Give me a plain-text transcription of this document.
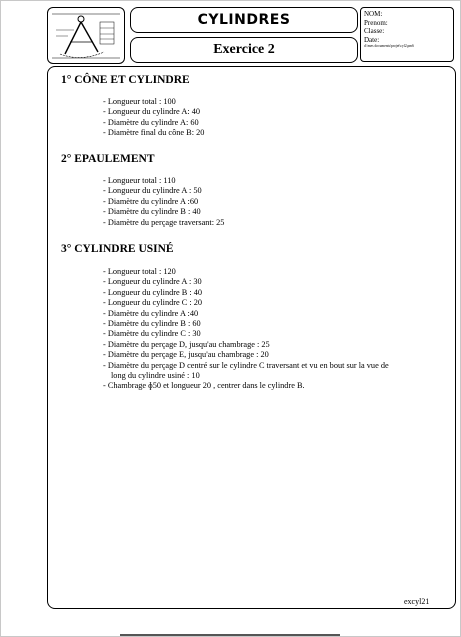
CYLINDRES
Exercice 2
NOM:
Prenom:
Classe:
Date:
d:\mes documents\projet\cyl2.pm6
1° CÔNE ET CYLINDRE
- Longueur total : 100
- Longueur du cylindre A: 40
- Diamètre du cylindre A: 60
- Diamètre final du cône B: 20
2° EPAULEMENT
- Longueur total : 110
- Longueur du cylindre A : 50
- Diamètre du cylindre A :60
- Diamètre du cylindre B : 40
- Diamètre du perçage traversant: 25
3° CYLINDRE USINÉ
- Longueur total : 120
- Longueur du cylindre A : 30
- Longueur du cylindre B : 40
- Longueur du cylindre C : 20
- Diamètre du cylindre A :40
- Diamètre du cylindre B : 60
- Diamètre du cylindre C : 30
- Diamètre du perçage D, jusqu'au chambrage : 25
- Diamètre du perçage E, jusqu'au chambrage : 20
- Diamètre du perçage D centré sur le cylindre C traversant et vu en bout sur la vue de long du cylindre usiné : 10
- Chambrage ɸ50 et longueur 20 , centrer dans le cylindre B.
excyl21
